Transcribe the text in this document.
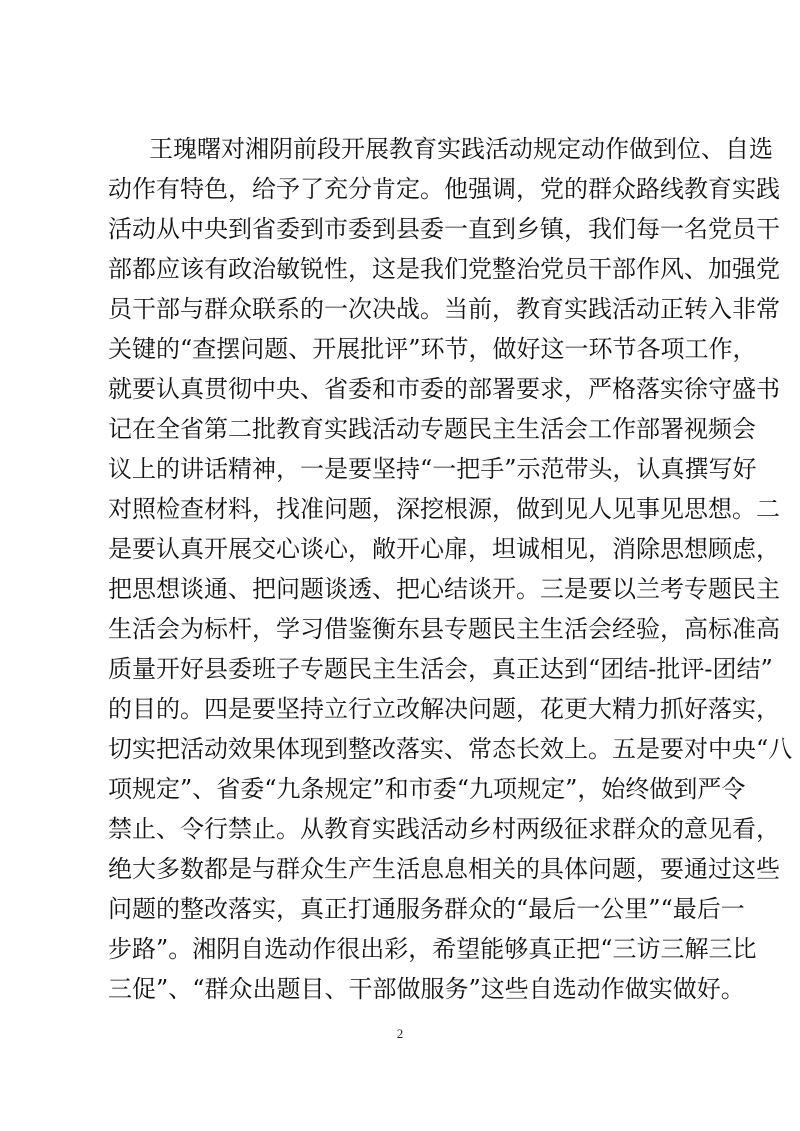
王瑰曙对湘阴前段开展教育实践活动规定动作做到位、自选
动作有特色，给予了充分肯定。他强调，党的群众路线教育实践
活动从中央到省委到市委到县委一直到乡镇，我们每一名党员干
部都应该有政治敏锐性，这是我们党整治党员干部作风、加强党
员干部与群众联系的一次决战。当前，教育实践活动正转入非常
关键的“查摆问题、开展批评”环节，做好这一环节各项工作，
就要认真贯彻中央、省委和市委的部署要求，严格落实徐守盛书
记在全省第二批教育实践活动专题民主生活会工作部署视频会
议上的讲话精神，一是要坚持“一把手”示范带头，认真撰写好
对照检查材料，找准问题，深挖根源，做到见人见事见思想。二
是要认真开展交心谈心，敞开心扉，坦诚相见，消除思想顾虑，
把思想谈通、把问题谈透、把心结谈开。三是要以兰考专题民主
生活会为标杆，学习借鉴衡东县专题民主生活会经验，高标准高
质量开好县委班子专题民主生活会，真正达到“团结-批评-团结”
的目的。四是要坚持立行立改解决问题，花更大精力抓好落实，
切实把活动效果体现到整改落实、常态长效上。五是要对中央“八
项规定”、省委“九条规定”和市委“九项规定”，始终做到严令
禁止、令行禁止。从教育实践活动乡村两级征求群众的意见看，
绝大多数都是与群众生产生活息息相关的具体问题，要通过这些
问题的整改落实，真正打通服务群众的“最后一公里”“最后一
步路”。湘阴自选动作很出彩，希望能够真正把“三访三解三比
三促”、“群众出题目、干部做服务”这些自选动作做实做好。
2
